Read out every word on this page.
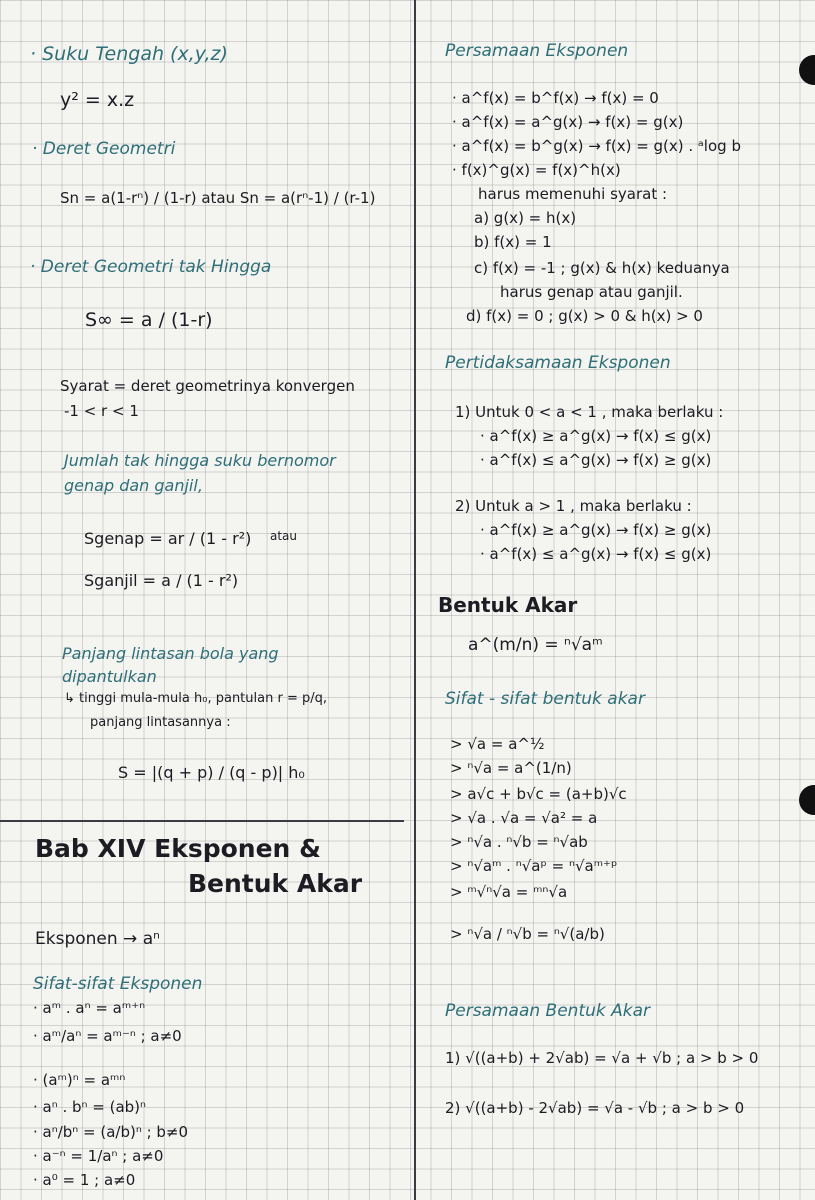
· Suku Tengah (x,y,z)
y² = x.z
· Deret Geometri
Sn = a(1-rⁿ) / (1-r) atau Sn = a(rⁿ-1) / (r-1)
· Deret Geometri tak Hingga
S∞ = a / (1-r)
Syarat = deret geometrinya konvergen
-1 < r < 1
Jumlah tak hingga suku bernomor
genap dan ganjil,
Sgenap = ar / (1 - r²) atau
Sganjil = a / (1 - r²)
Panjang lintasan bola yang
dipantulkan
↳ tinggi mula-mula h₀, pantulan r = p/q,
panjang lintasannya :
S = |(q + p) / (q - p)| h₀
Bab XIV Eksponen &
Bentuk Akar
Eksponen → aⁿ
Sifat-sifat Eksponen
· aᵐ . aⁿ = aᵐ⁺ⁿ
· aᵐ/aⁿ = aᵐ⁻ⁿ ; a≠0
· (aᵐ)ⁿ = aᵐⁿ
· aⁿ . bⁿ = (ab)ⁿ
· aⁿ/bⁿ = (a/b)ⁿ ; b≠0
· a⁻ⁿ = 1/aⁿ ; a≠0
· a⁰ = 1 ; a≠0
Persamaan Eksponen
· a^f(x) = b^f(x) → f(x) = 0
· a^f(x) = a^g(x) → f(x) = g(x)
· a^f(x) = b^g(x) → f(x) = g(x) . ᵃlog b
· f(x)^g(x) = f(x)^h(x)
harus memenuhi syarat :
a) g(x) = h(x)
b) f(x) = 1
c) f(x) = -1 ; g(x) & h(x) keduanya
harus genap atau ganjil.
d) f(x) = 0 ; g(x) > 0 & h(x) > 0
Pertidaksamaan Eksponen
1) Untuk 0 < a < 1 , maka berlaku :
· a^f(x) ≥ a^g(x) → f(x) ≤ g(x)
· a^f(x) ≤ a^g(x) → f(x) ≥ g(x)
2) Untuk a > 1 , maka berlaku :
· a^f(x) ≥ a^g(x) → f(x) ≥ g(x)
· a^f(x) ≤ a^g(x) → f(x) ≤ g(x)
Bentuk Akar
a^(m/n) = ⁿ√aᵐ
Sifat - sifat bentuk akar
> √a = a^½
> ⁿ√a = a^(1/n)
> a√c + b√c = (a+b)√c
> √a . √a = √a² = a
> ⁿ√a . ⁿ√b = ⁿ√ab
> ⁿ√aᵐ . ⁿ√aᵖ = ⁿ√aᵐ⁺ᵖ
> ᵐ√ⁿ√a = ᵐⁿ√a
> ⁿ√a / ⁿ√b = ⁿ√(a/b)
Persamaan Bentuk Akar
1) √((a+b) + 2√ab) = √a + √b ; a > b > 0
2) √((a+b) - 2√ab) = √a - √b ; a > b > 0
